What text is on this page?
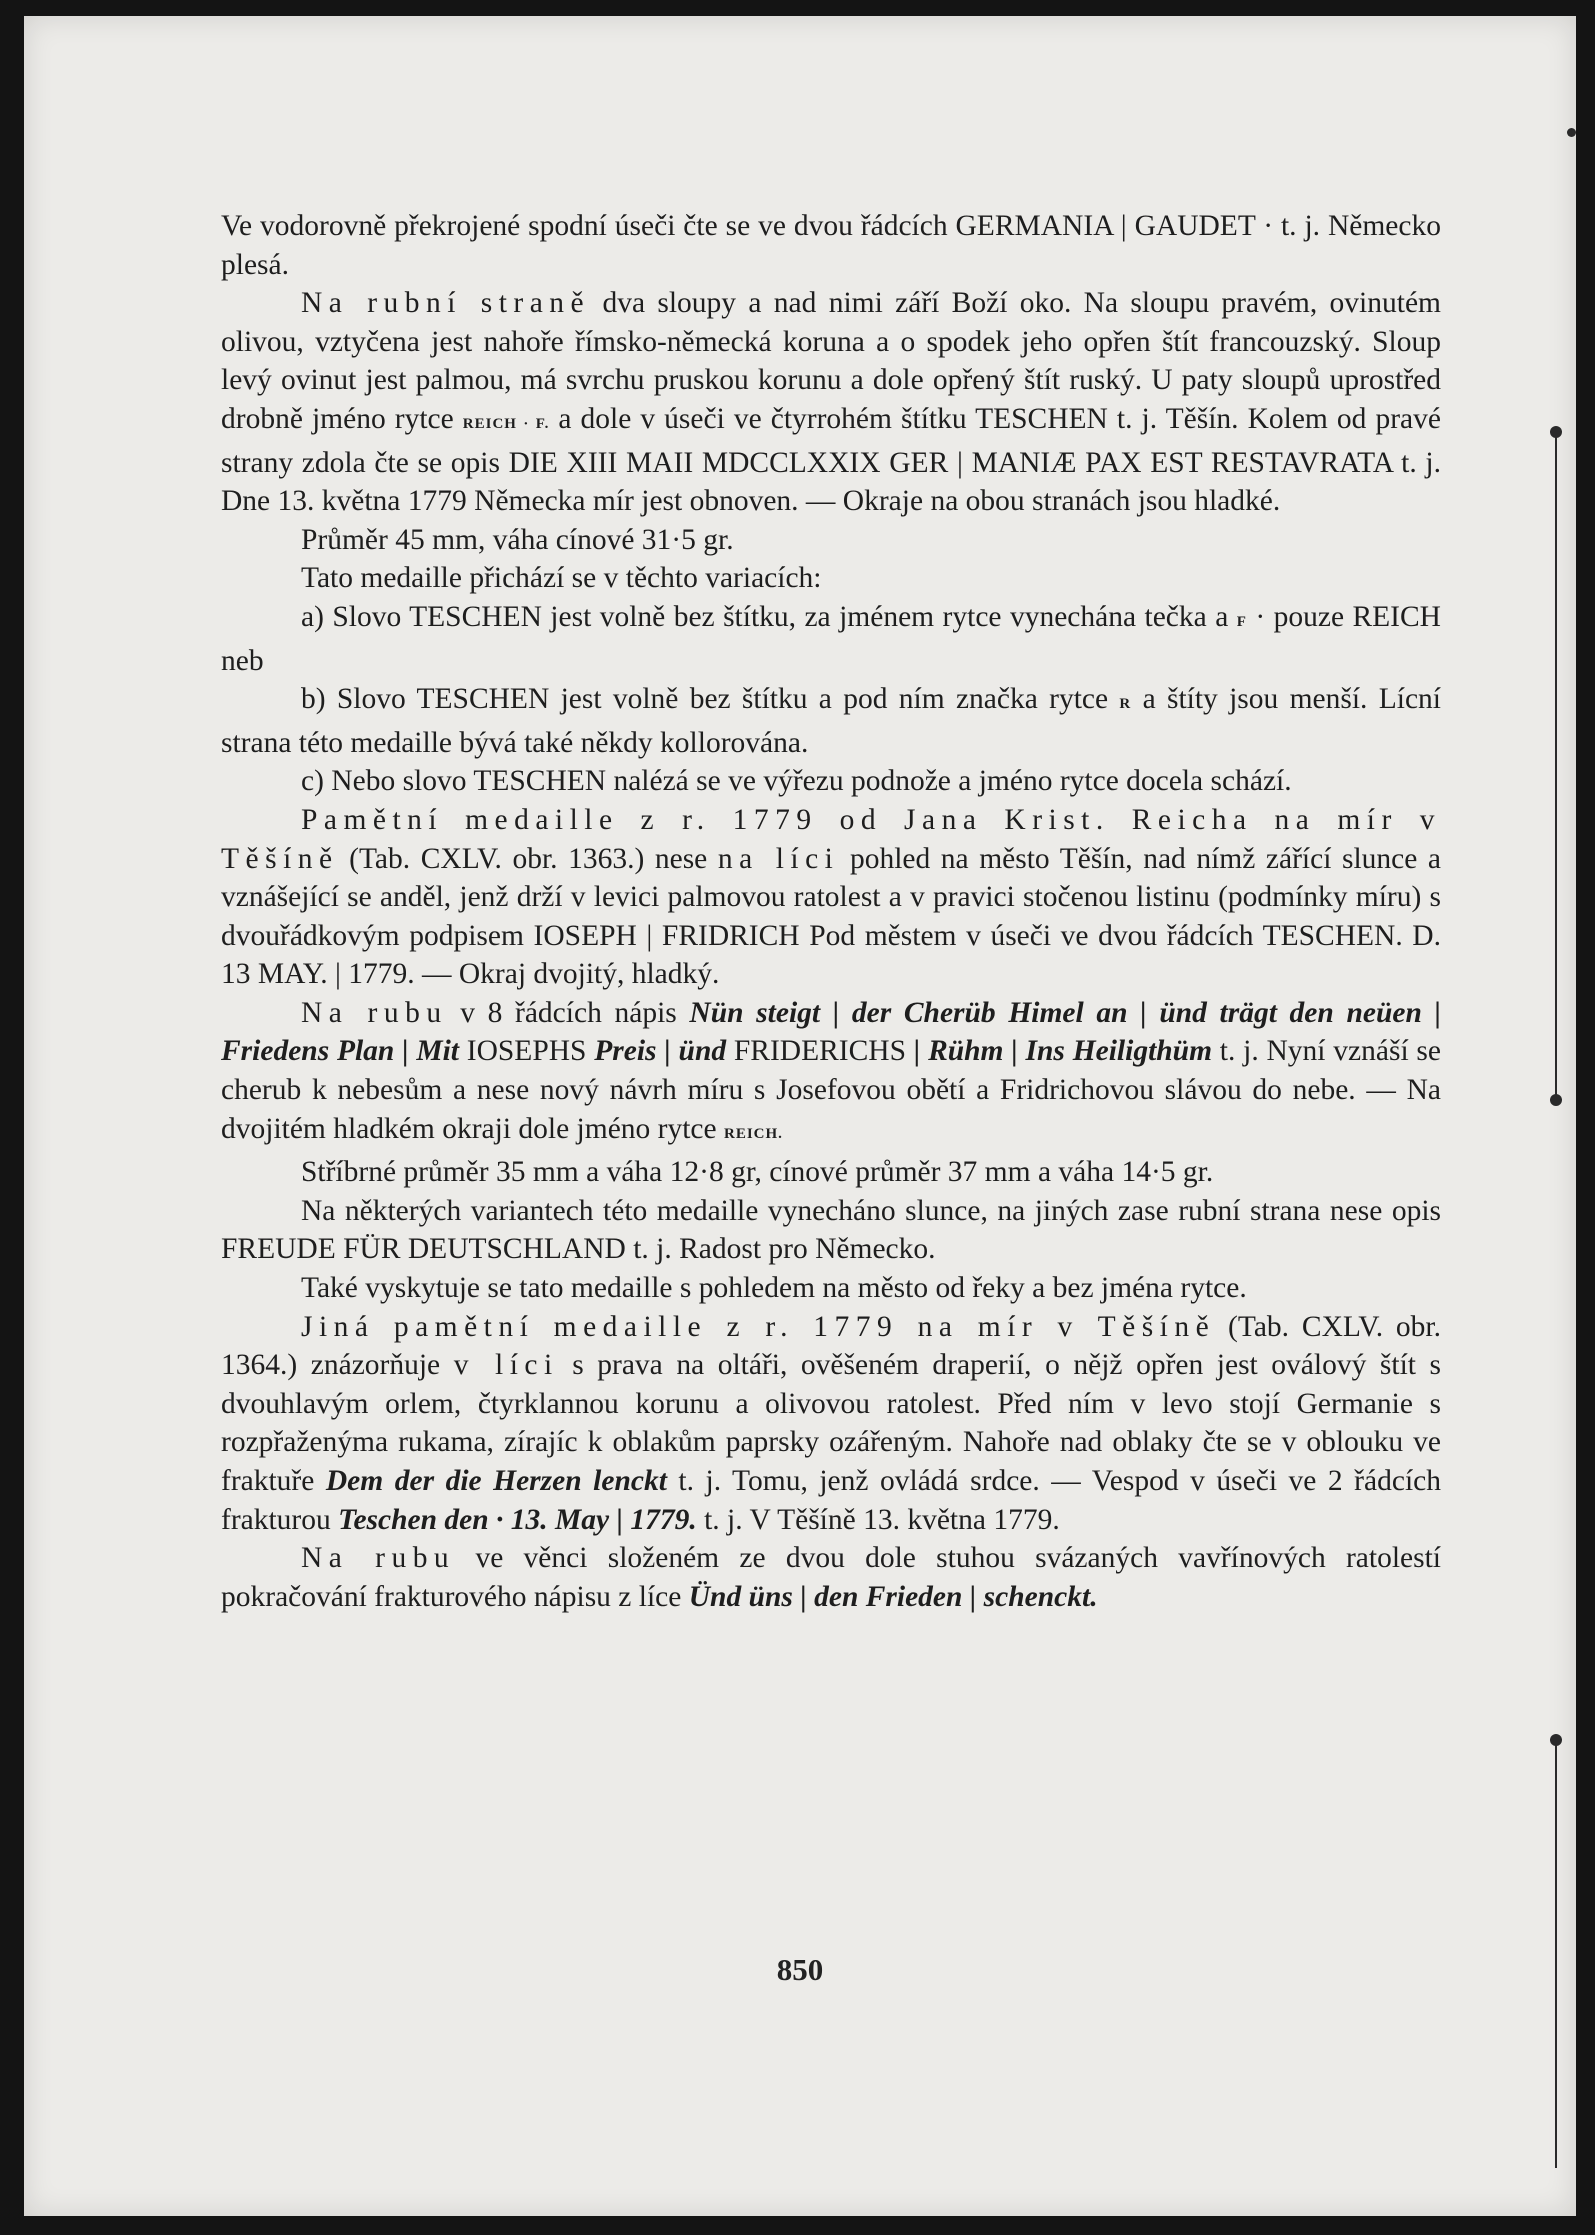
Ve vodorovně překrojené spodní úseči čte se ve dvou řádcích GERMANIA | GAUDET · t. j. Německo plesá.

Na rubní straně dva sloupy a nad nimi září Boží oko. Na sloupu pravém, ovinutém olivou, vztyčena jest nahoře římsko-německá koruna a o spodek jeho opřen štít francouzský. Sloup levý ovinut jest palmou, má svrchu pruskou korunu a dole opřený štít ruský. U paty sloupů uprostřed drobně jméno rytce REICH · F. a dole v úseči ve čtyrrohém štítku TESCHEN t. j. Těšín. Kolem od pravé strany zdola čte se opis DIE XIII MAII MDCCLXXIX GER | MANIÆ PAX EST RESTAVRATA t. j. Dne 13. května 1779 Německa mír jest obnoven. — Okraje na obou stranách jsou hladké.

Průměr 45 mm, váha cínové 31·5 gr.

Tato medaille přichází se v těchto variacích:

a) Slovo TESCHEN jest volně bez štítku, za jménem rytce vynechána tečka a F · pouze REICH neb

b) Slovo TESCHEN jest volně bez štítku a pod ním značka rytce R a štíty jsou menší. Lícní strana této medaille bývá také někdy kollorována.

c) Nebo slovo TESCHEN nalézá se ve výřezu podnože a jméno rytce docela schází.

Pamětní medaille z r. 1779 od Jana Krist. Reicha na mír v Těšíně (Tab. CXLV. obr. 1363.) nese na líci pohled na město Těšín, nad nímž zářící slunce a vznášející se anděl, jenž drží v levici palmovou ratolest a v pravici stočenou listinu (podmínky míru) s dvouřádkovým podpisem IOSEPH | FRIDRICH Pod městem v úseči ve dvou řádcích TESCHEN. D. 13 MAY. | 1779. — Okraj dvojitý, hladký.

Na rubu v 8 řádcích nápis Nün steigt | der Cherüb Himel an | ünd trägt den neüen | Friedens Plan | Mit IOSEPHS Preis | ünd FRIDERICHS | Rühm | Ins Heiligthüm t. j. Nyní vznáší se cherub k nebesům a nese nový návrh míru s Josefovou obětí a Fridrichovou slávou do nebe. — Na dvojitém hladkém okraji dole jméno rytce REICH.

Stříbrné průměr 35 mm a váha 12·8 gr, cínové průměr 37 mm a váha 14·5 gr.

Na některých variantech této medaille vynecháno slunce, na jiných zase rubní strana nese opis FREUDE FÜR DEUTSCHLAND t. j. Radost pro Německo.

Také vyskytuje se tato medaille s pohledem na město od řeky a bez jména rytce.

Jiná pamětní medaille z r. 1779 na mír v Těšíně (Tab. CXLV. obr. 1364.) znázorňuje v líci s prava na oltáři, ověšeném draperií, o nějž opřen jest oválový štít s dvouhlavým orlem, čtyrklannou korunu a olivovou ratolest. Před ním v levo stojí Germanie s rozpřaženýma rukama, zírajíc k oblakům paprsky ozářeným. Nahoře nad oblaky čte se v oblouku ve fraktuře Dem der die Herzen lenckt t. j. Tomu, jenž ovládá srdce. — Vespod v úseči ve 2 řádcích frakturou Teschen den · 13. May | 1779. t. j. V Těšíně 13. května 1779.

Na rubu ve věnci složeném ze dvou dole stuhou svázaných vavřínových ratolestí pokračování frakturového nápisu z líce Ünd üns | den Frieden | schenckt.

850
